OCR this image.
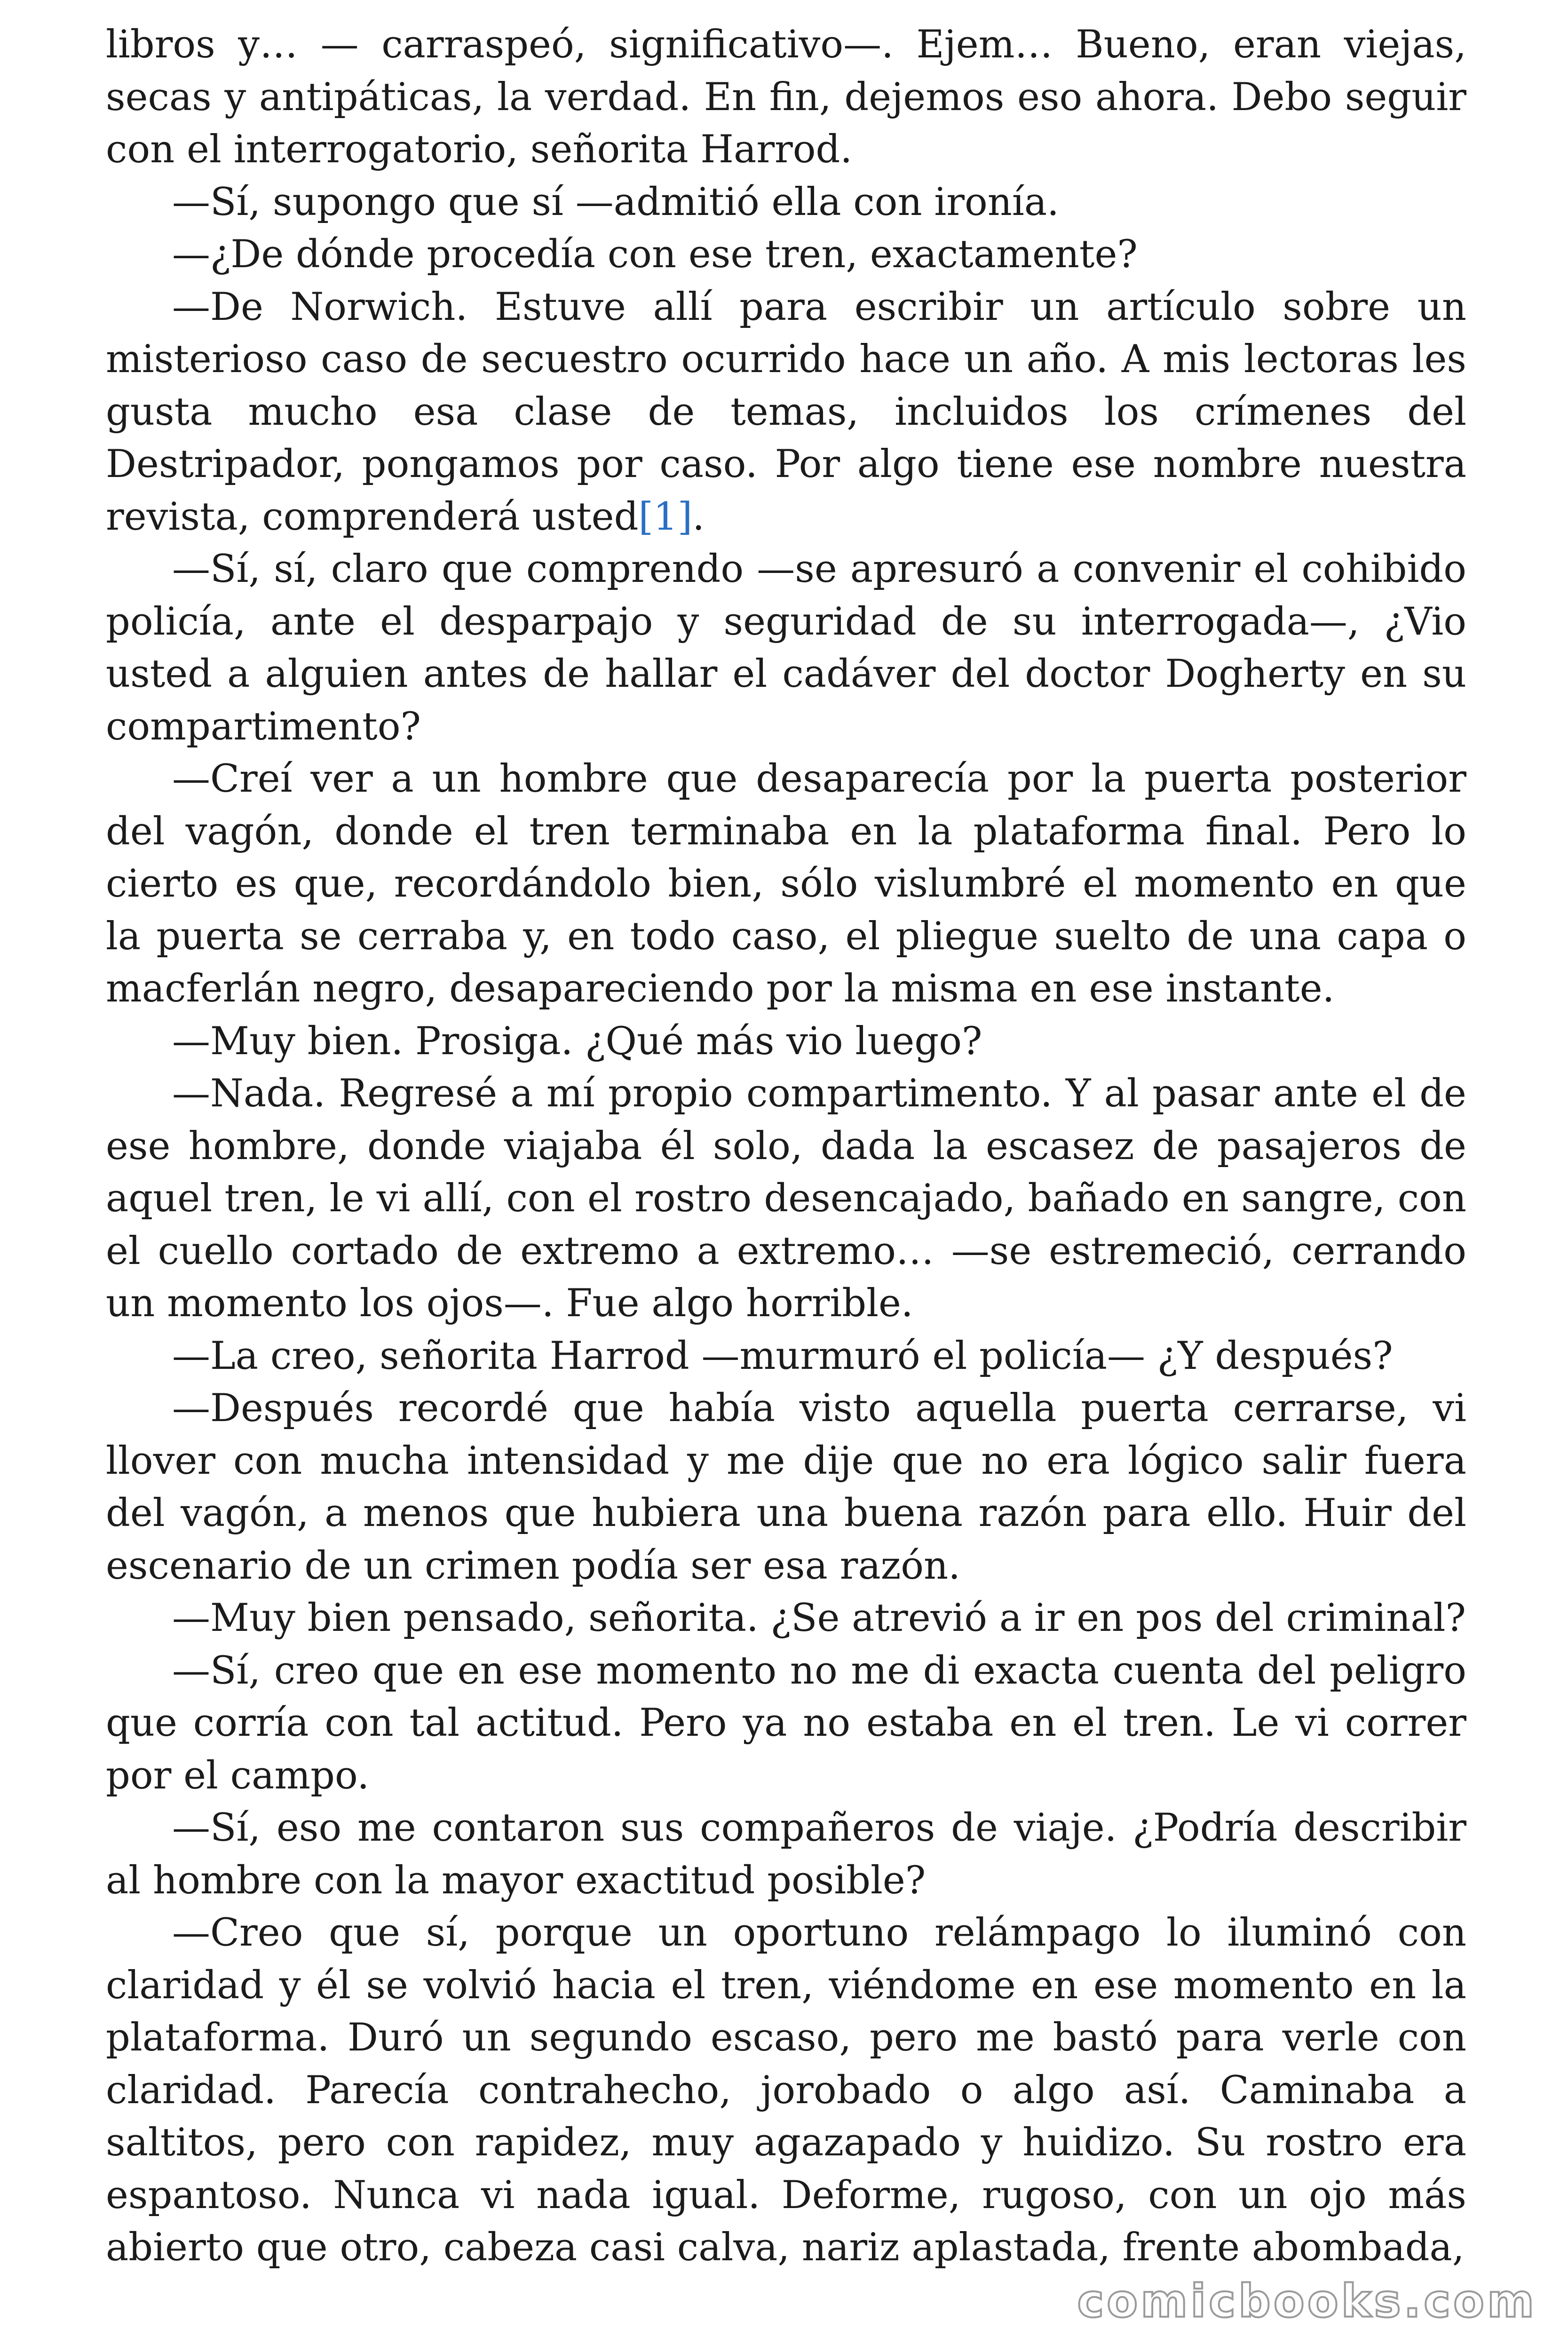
libros y… — carraspeó, significativo—. Ejem… Bueno, eran viejas, secas y antipáticas, la verdad. En fin, dejemos eso ahora. Debo seguir con el interrogatorio, señorita Harrod.

—Sí, supongo que sí —admitió ella con ironía.

—¿De dónde procedía con ese tren, exactamente?

—De Norwich. Estuve allí para escribir un artículo sobre un misterioso caso de secuestro ocurrido hace un año. A mis lectoras les gusta mucho esa clase de temas, incluidos los crímenes del Destripador, pongamos por caso. Por algo tiene ese nombre nuestra revista, comprenderá usted[1].

—Sí, sí, claro que comprendo —se apresuró a convenir el cohibido policía, ante el desparpajo y seguridad de su interrogada—, ¿Vio usted a alguien antes de hallar el cadáver del doctor Dogherty en su compartimento?

—Creí ver a un hombre que desaparecía por la puerta posterior del vagón, donde el tren terminaba en la plataforma final. Pero lo cierto es que, recordándolo bien, sólo vislumbré el momento en que la puerta se cerraba y, en todo caso, el pliegue suelto de una capa o macferlán negro, desapareciendo por la misma en ese instante.

—Muy bien. Prosiga. ¿Qué más vio luego?

—Nada. Regresé a mí propio compartimento. Y al pasar ante el de ese hombre, donde viajaba él solo, dada la escasez de pasajeros de aquel tren, le vi allí, con el rostro desencajado, bañado en sangre, con el cuello cortado de extremo a extremo… —se estremeció, cerrando un momento los ojos—. Fue algo horrible.

—La creo, señorita Harrod —murmuró el policía— ¿Y después?

—Después recordé que había visto aquella puerta cerrarse, vi llover con mucha intensidad y me dije que no era lógico salir fuera del vagón, a menos que hubiera una buena razón para ello. Huir del escenario de un crimen podía ser esa razón.

—Muy bien pensado, señorita. ¿Se atrevió a ir en pos del criminal?

—Sí, creo que en ese momento no me di exacta cuenta del peligro que corría con tal actitud. Pero ya no estaba en el tren. Le vi correr por el campo.

—Sí, eso me contaron sus compañeros de viaje. ¿Podría describir al hombre con la mayor exactitud posible?

—Creo que sí, porque un oportuno relámpago lo iluminó con claridad y él se volvió hacia el tren, viéndome en ese momento en la plataforma. Duró un segundo escaso, pero me bastó para verle con claridad. Parecía contrahecho, jorobado o algo así. Caminaba a saltitos, pero con rapidez, muy agazapado y huidizo. Su rostro era espantoso. Nunca vi nada igual. Deforme, rugoso, con un ojo más abierto que otro, cabeza casi calva, nariz aplastada, frente abombada,

comicbooks.com
